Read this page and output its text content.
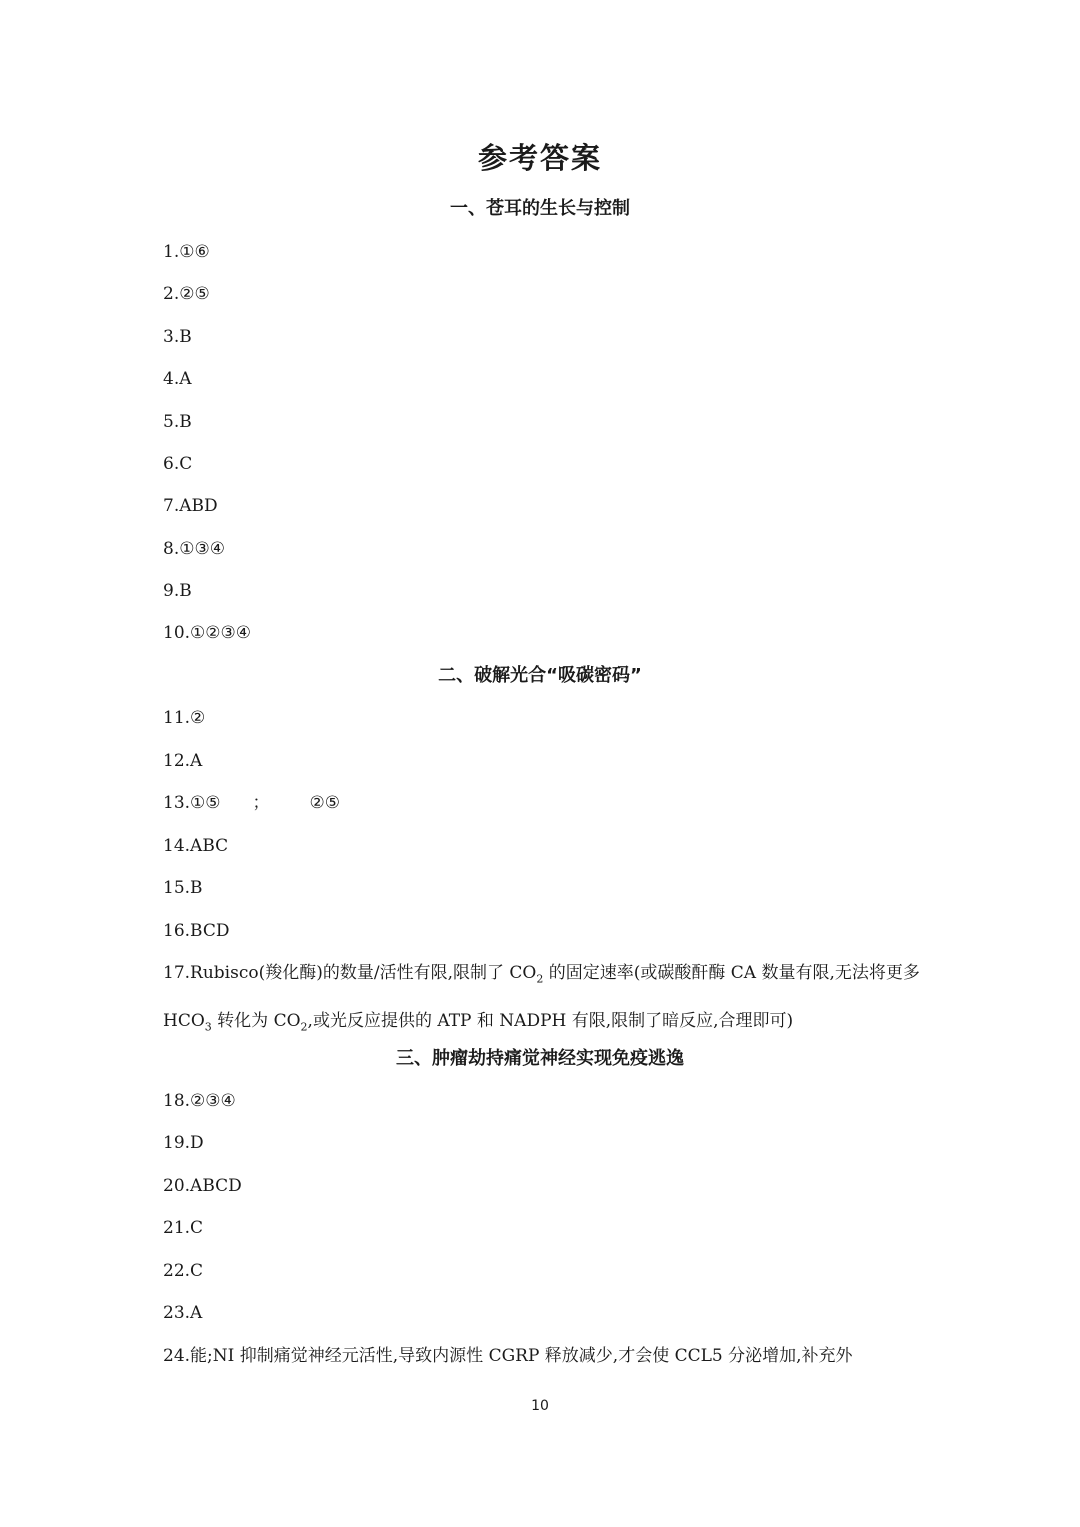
参考答案
一、苍耳的生长与控制
1.①⑥
2.②⑤
3.B
4.A
5.B
6.C
7.ABD
8.①③④
9.B
10.①②③④
二、破解光合“吸碳密码”
11.②
12.A
13.①⑤ ； ②⑤
14.ABC
15.B
16.BCD
17.Rubisco(羧化酶)的数量/活性有限,限制了 $CO_2$ 的固定速率(或碳酸酐酶 CA 数量有限,无法将更多 $HCO_3$ 转化为 $CO_2$,或光反应提供的 ATP 和 NADPH 有限,限制了暗反应,合理即可)
三、肿瘤劫持痛觉神经实现免疫逃逸
18.②③④
19.D
20.ABCD
21.C
22.C
23.A
24.能;NI 抑制痛觉神经元活性,导致内源性 CGRP 释放减少,才会使 CCL5 分泌增加,补充外
10
